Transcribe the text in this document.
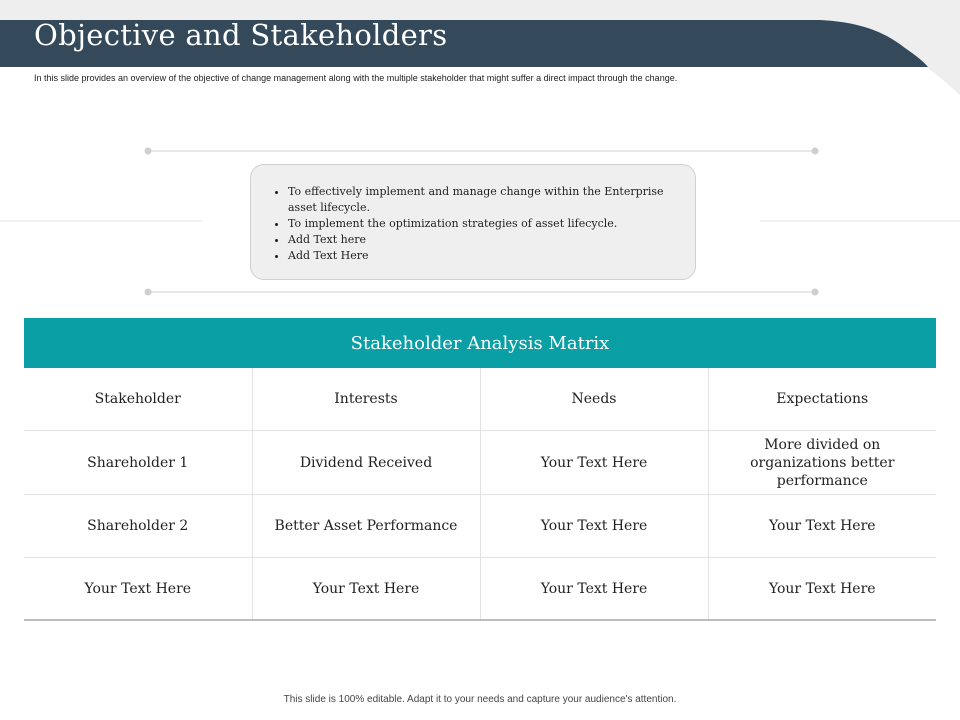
Objective and Stakeholders
In this slide provides an overview of the objective of change management along with the multiple stakeholder that might suffer a direct impact through the change.
• To effectively implement and manage change within the Enterprise asset lifecycle.
• To implement the optimization strategies of asset lifecycle.
• Add Text here
• Add Text Here
Stakeholder Analysis Matrix
Stakeholder	Interests	Needs	Expectations
Shareholder 1	Dividend Received	Your Text Here	More divided on organizations better performance
Shareholder 2	Better Asset Performance	Your Text Here	Your Text Here
Your Text Here	Your Text Here	Your Text Here	Your Text Here
This slide is 100% editable. Adapt it to your needs and capture your audience's attention.
